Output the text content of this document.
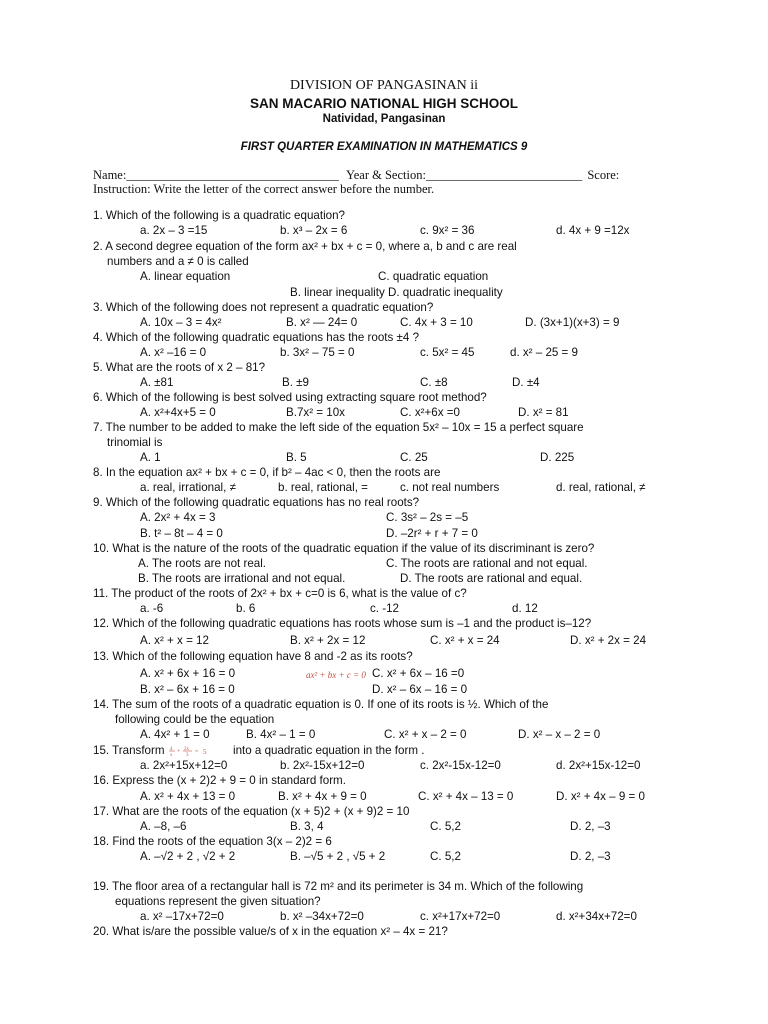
DIVISION OF PANGASINAN ii
SAN MACARIO NATIONAL HIGH SCHOOL
Natividad, Pangasinan
FIRST QUARTER EXAMINATION IN MATHEMATICS 9
Name:__________________________________ Year & Section:_________________________ Score:
Instruction: Write the letter of the correct answer before the number.
1. Which of the following is a quadratic equation?
a. 2x – 3 =15	b. x³ – 2x = 6	c. 9x² = 36	d. 4x + 9 =12x
2. A second degree equation of the form ax² + bx + c = 0, where a, b and c are real
numbers and a ≠ 0 is called
A. linear equation	C. quadratic equation
B. linear inequality D. quadratic inequality
3. Which of the following does not represent a quadratic equation?
A. 10x – 3 = 4x²	B. x² — 24= 0	C. 4x + 3 = 10	D. (3x+1)(x+3) = 9
4. Which of the following quadratic equations has the roots ±4 ?
A. x² –16 = 0	b. 3x² – 75 = 0	c. 5x² = 45	d. x² – 25 = 9
5. What are the roots of x 2 – 81?
A. ±81	B. ±9	C. ±8	D. ±4
6. Which of the following is best solved using extracting square root method?
A. x²+4x+5 = 0	B.7x² = 10x	C. x²+6x =0	D. x² = 81
7. The number to be added to make the left side of the equation 5x² – 10x = 15 a perfect square
trinomial is
A. 1	B. 5	C. 25	D. 225
8. In the equation ax² + bx + c = 0, if b² – 4ac < 0, then the roots are
a. real, irrational, ≠	b. real, rational, =	c. not real numbers	d. real, rational, ≠
9. Which of the following quadratic equations has no real roots?
A. 2x² + 4x = 3	C. 3s² – 2s = –5
B. t² – 8t – 4 = 0	D. –2r² + r + 7 = 0
10. What is the nature of the roots of the quadratic equation if the value of its discriminant is zero?
A. The roots are not real.	C. The roots are rational and not equal.
B. The roots are irrational and not equal.	D. The roots are rational and equal.
11. The product of the roots of 2x² + bx + c=0 is 6, what is the value of c?
a. -6	b. 6	c. -12	d. 12
12. Which of the following quadratic equations has roots whose sum is –1 and the product is–12?
A. x² + x = 12	B. x² + 2x = 12	C. x² + x = 24	D. x² + 2x = 24
13. Which of the following equation have 8 and -2 as its roots?
A. x² + 6x + 16 = 0	ax² + bx + c = 0 C. x² + 6x – 16 =0
B. x² – 6x + 16 = 0	D. x² – 6x – 16 = 0
14. The sum of the roots of a quadratic equation is 0. If one of its roots is ½. Which of the
following could be the equation
A. 4x² + 1 = 0	B. 4x² – 1 = 0	C. x² + x – 2 = 0	D. x² – x – 2 = 0
15. Transform 4
x
+ 2x
3
= 5 into a quadratic equation in the form .
a. 2x²+15x+12=0	b. 2x²-15x+12=0	c. 2x²-15x-12=0	d. 2x²+15x-12=0
16. Express the (x + 2)2 + 9 = 0 in standard form.
A. x² + 4x + 13 = 0	B. x² + 4x + 9 = 0	C. x² + 4x – 13 = 0	D. x² + 4x – 9 = 0
17. What are the roots of the equation (x + 5)2 + (x + 9)2 = 10
A. –8, –6	B. 3, 4	C. 5,2	D. 2, –3
18. Find the roots of the equation 3(x – 2)2 = 6
A. –√2 + 2 , √2 + 2	B. –√5 + 2 , √5 + 2	C. 5,2	D. 2, –3
19. The floor area of a rectangular hall is 72 m² and its perimeter is 34 m. Which of the following
equations represent the given situation?
a. x² –17x+72=0	b. x² –34x+72=0	c. x²+17x+72=0	d. x²+34x+72=0
20. What is/are the possible value/s of x in the equation x² – 4x = 21?
